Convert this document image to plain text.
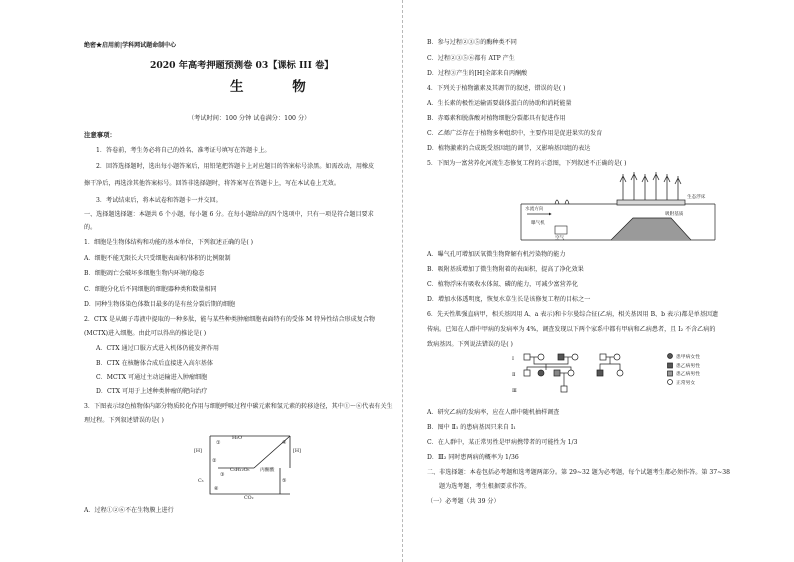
绝密★启用前|学科网试题命制中心
2020 年高考押题预测卷 03【课标 III 卷】
生 物
（考试时间：100 分钟 试卷满分：100 分）
注意事项：
1．答卷前，考生务必将自己的姓名、准考证号填写在答题卡上。
2．回答选择题时，选出每小题答案后，用铅笔把答题卡上对应题目的答案标号涂黑。如需改动，用橡皮
擦干净后，再选涂其他答案标号。回答非选择题时，将答案写在答题卡上，写在本试卷上无效。
3．考试结束后，将本试卷和答题卡一并交回。
一、选择题选择题：本题共 6 个小题，每小题 6 分。在每小题给出的四个选项中，只有一项是符合题目要求
的。
1．细胞是生物体结构和功能的基本单位，下列叙述正确的是( )
A．细胞不能无限长大只受细胞表面积/体积的比例限制
B．细胞凋亡会破坏多细胞生物内环境的稳态
C．细胞分化后不同细胞的细胞器种类和数量相同
D．同种生物体染色体数目最多的是有丝分裂后期的细胞
2．CTX 是从蝎子毒液中提取的一种多肽，能与某些种类肿瘤细胞表面特有的受体 M 特异性结合形成复合物
(MCTX)进入细胞。由此可以得出的推论是( )
A．CTX 通过口服方式进入机体仍能发挥作用
B．CTX 在核糖体合成后直接进入高尔基体
C．MCTX 可通过主动运输进入肿瘤细胞
D．CTX 可用于上述种类肿瘤的靶向治疗
3．下图表示绿色植物体内部分物质转化作用与细胞呼吸过程中碳元素和氢元素的转移途径，其中①～⑥代表有关生
理过程。下列叙述错误的是( )
H₂O
C₆H₁₂O₆ 丙酮酸
CO₂
[H]	[H]
C₃
①
②
③
④
⑤
⑥
A．过程①②⑥不在生物膜上进行
B．参与过程②③⑤的酶种类不同
C．过程②③⑤⑥都有 ATP 产生
D．过程③产生的[H]全部来自丙酮酸
4．下列关于植物激素及其调节的叙述，错误的是( )
A．生长素的极性运输需要载体蛋白的协助和消耗能量
B．赤霉素和脱落酸对植物细胞分裂都具有促进作用
C．乙烯广泛存在于植物多种组织中，主要作用是促进果实的发育
D．植物激素的合成既受基因组的调节，又影响基因组的表达
5．下图为一富营养化河流生态修复工程的示意图，下列叙述不正确的是( )
水流方向
生态浮床
曝气机
吸附基质
空气
A．曝气孔可增加厌氧微生物降解有机污染物的能力
B．吸附基质增加了微生物附着的表面积，提高了净化效果
C．植物浮床有吸收水体氮、磷的能力，可减少富营养化
D．增加水体透明度，恢复水草生长是该修复工程的目标之一
6．先天性肌强直病甲，相关基因用 A、a 表示)和卡尔曼综合征(乙病，相关基因用 B、b 表示)都是单基因遗
传病。已知在人群中甲病的发病率为 4%，调查发现以下两个家系中都有甲病和乙病患者，且 Ⅰ₂ 不含乙病的
致病基因。下列说法错误的是( )
Ⅰ
Ⅱ
Ⅲ
患甲病女性
患乙病男性
患乙病男性
正常男女
A．研究乙病的发病率，应在人群中随机抽样调查
B．图中 Ⅱ₁ 的患病基因只来自 Ⅰ₁
C．在人群中，某正常男性是甲病携带者的可能性为 1/3
D．Ⅲ₂ 同时患两病的概率为 1/36
二、非选择题：本卷包括必考题和选考题两部分。第 29~32 题为必考题，每个试题考生都必须作答。第 37~38
题为选考题，考生根据要求作答。
（一）必考题（共 39 分）
